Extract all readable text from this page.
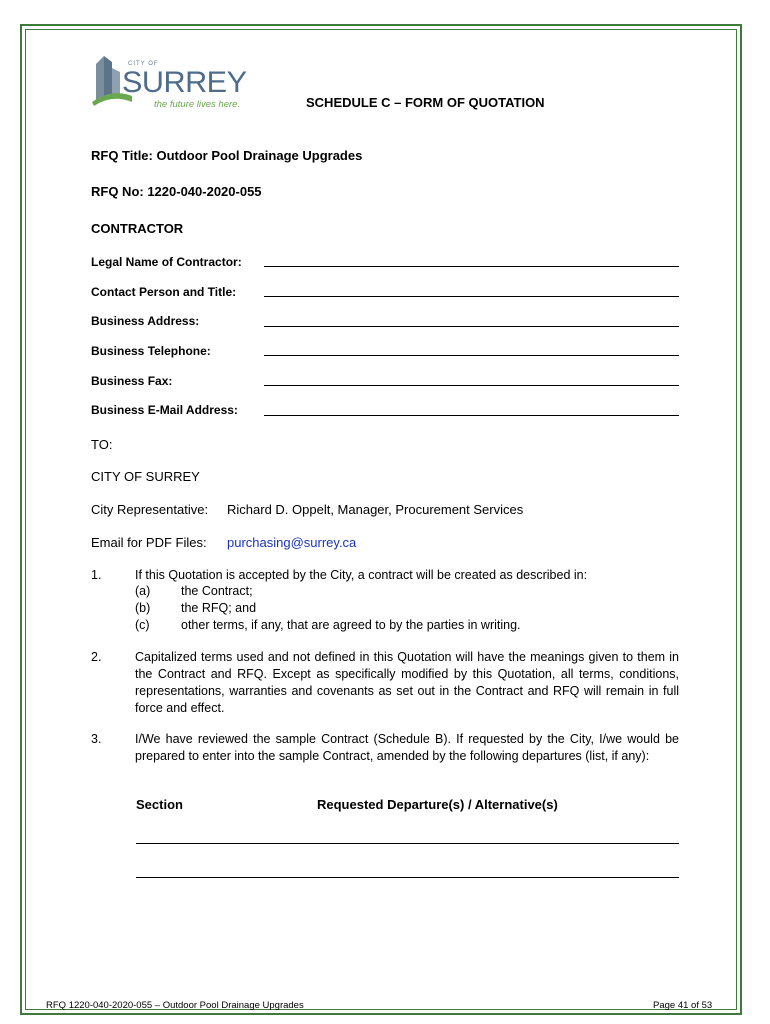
CITY OF
SURREY
the future lives here.	SCHEDULE C – FORM OF QUOTATION
RFQ Title: Outdoor Pool Drainage Upgrades
RFQ No: 1220-040-2020-055
CONTRACTOR
Legal Name of Contractor:
Contact Person and Title:
Business Address:
Business Telephone:
Business Fax:
Business E-Mail Address:
TO:
CITY OF SURREY
City Representative: Richard D. Oppelt, Manager, Procurement Services
Email for PDF Files: purchasing@surrey.ca
1.	If this Quotation is accepted by the City, a contract will be created as described in:
(a) the Contract;
(b) the RFQ; and
(c)	other terms, if any, that are agreed to by the parties in writing.
2.	Capitalized terms used and not defined in this Quotation will have the meanings given to them in the Contract and RFQ. Except as specifically modified by this Quotation, all terms, conditions, representations, warranties and covenants as set out in the Contract and RFQ will remain in full force and effect.
3.	I/We have reviewed the sample Contract (Schedule B). If requested by the City, I/we would be prepared to enter into the sample Contract, amended by the following departures (list, if any):
Section	Requested Departure(s) / Alternative(s)
RFQ 1220-040-2020-055 – Outdoor Pool Drainage Upgrades	Page 41 of 53
